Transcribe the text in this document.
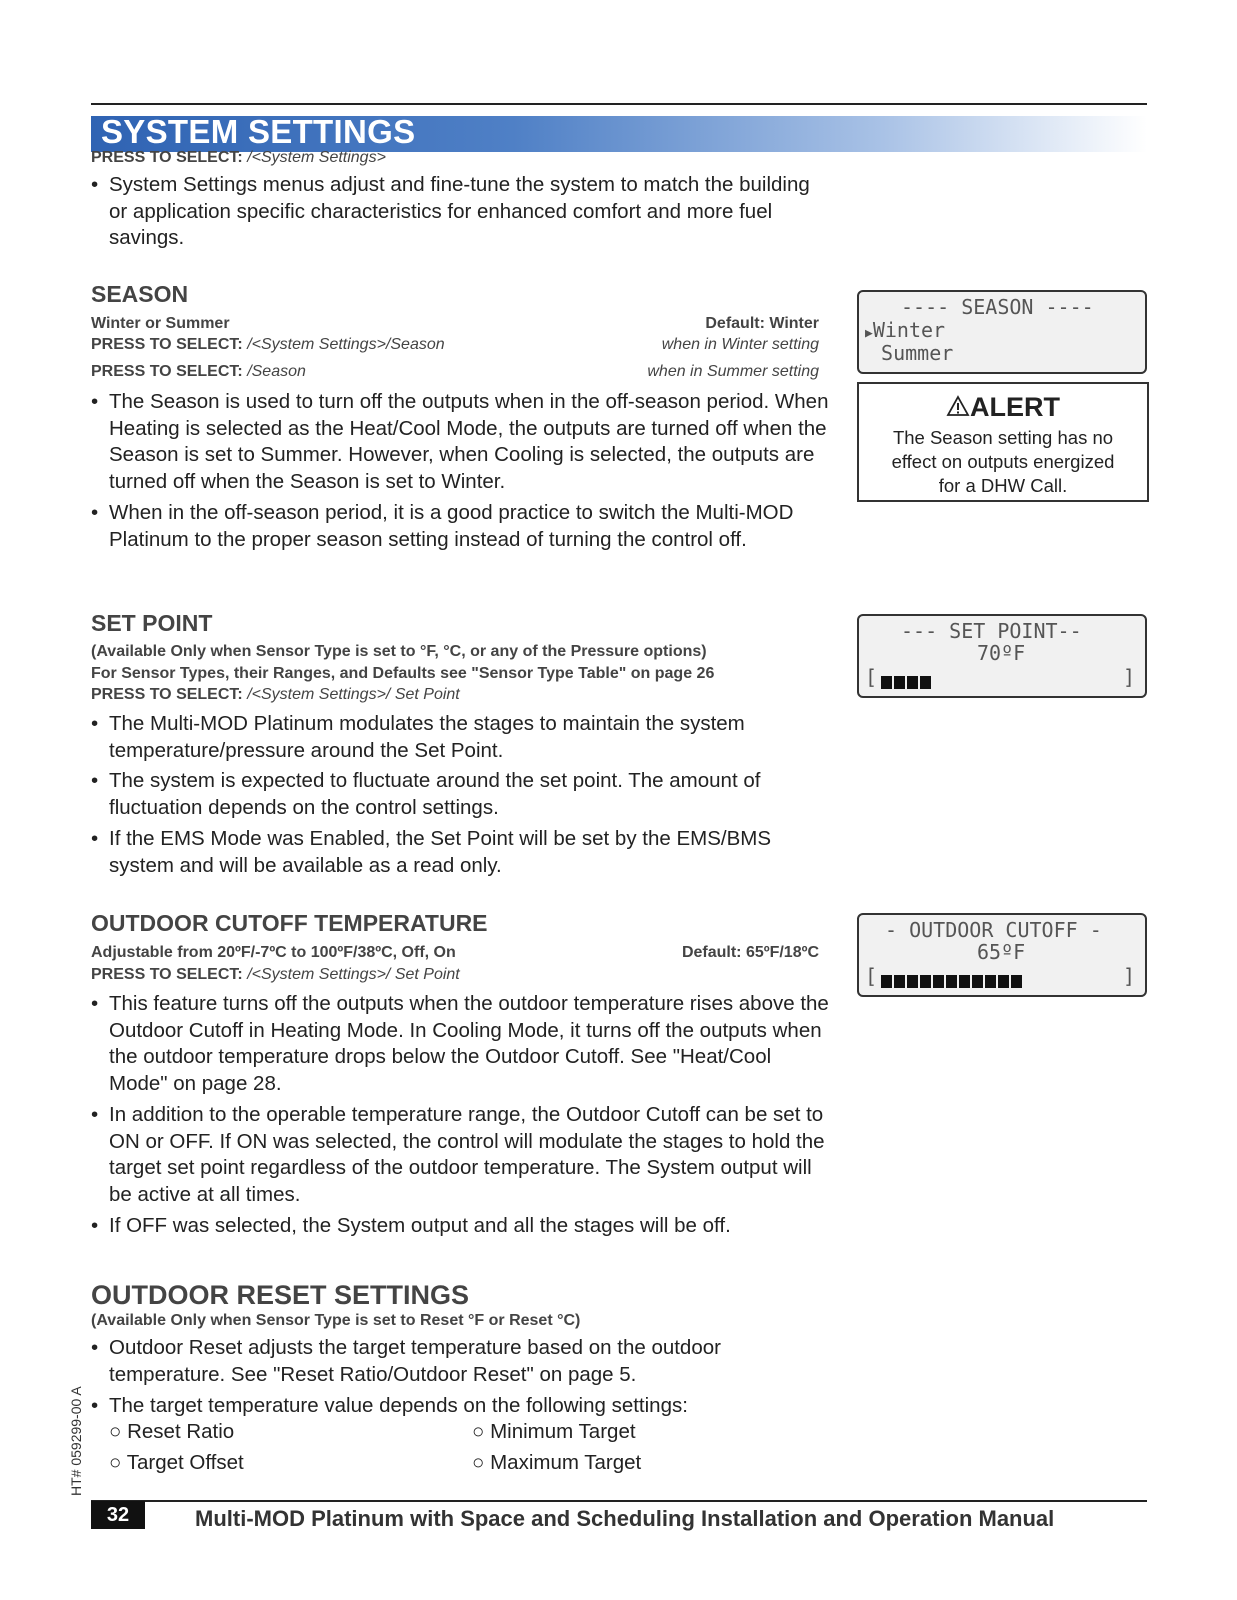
SYSTEM SETTINGS
PRESS TO SELECT: /<System Settings>
• System Settings menus adjust and fine-tune the system to match the building or application specific characteristics for enhanced comfort and more fuel savings.
SEASON
Winter or Summer	Default: Winter
PRESS TO SELECT: /<System Settings>/Season	when in Winter setting
PRESS TO SELECT: /Season	when in Summer setting
• The Season is used to turn off the outputs when in the off-season period. When Heating is selected as the Heat/Cool Mode, the outputs are turned off when the Season is set to Summer. However, when Cooling is selected, the outputs are turned off when the Season is set to Winter.
• When in the off-season period, it is a good practice to switch the Multi-MOD Platinum to the proper season setting instead of turning the control off.
---- SEASON ----
▶Winter
Summer
ALERT
The Season setting has no
effect on outputs energized
for a DHW Call.
SET POINT
(Available Only when Sensor Type is set to °F, °C, or any of the Pressure options)
For Sensor Types, their Ranges, and Defaults see "Sensor Type Table" on page 26
PRESS TO SELECT: /<System Settings>/ Set Point
• The Multi-MOD Platinum modulates the stages to maintain the system temperature/pressure around the Set Point.
• The system is expected to fluctuate around the set point. The amount of fluctuation depends on the control settings.
• If the EMS Mode was Enabled, the Set Point will be set by the EMS/BMS system and will be available as a read only.
--- SET POINT--
70ºF
[	]
OUTDOOR CUTOFF TEMPERATURE
Adjustable from 20ºF/-7ºC to 100ºF/38ºC, Off, On	Default: 65ºF/18ºC
PRESS TO SELECT: /<System Settings>/ Set Point
• This feature turns off the outputs when the outdoor temperature rises above the Outdoor Cutoff in Heating Mode. In Cooling Mode, it turns off the outputs when the outdoor temperature drops below the Outdoor Cutoff. See "Heat/Cool Mode" on page 28.
• In addition to the operable temperature range, the Outdoor Cutoff can be set to ON or OFF. If ON was selected, the control will modulate the stages to hold the target set point regardless of the outdoor temperature. The System output will be active at all times.
• If OFF was selected, the System output and all the stages will be off.
- OUTDOOR CUTOFF -
65ºF
[	]
OUTDOOR RESET SETTINGS
(Available Only when Sensor Type is set to Reset °F or Reset °C)
• Outdoor Reset adjusts the target temperature based on the outdoor temperature. See "Reset Ratio/Outdoor Reset" on page 5.
• The target temperature value depends on the following settings:
○ Reset Ratio	○ Minimum Target
○ Target Offset	○ Maximum Target
HT# 059299-00 A
32	Multi-MOD Platinum with Space and Scheduling Installation and Operation Manual
